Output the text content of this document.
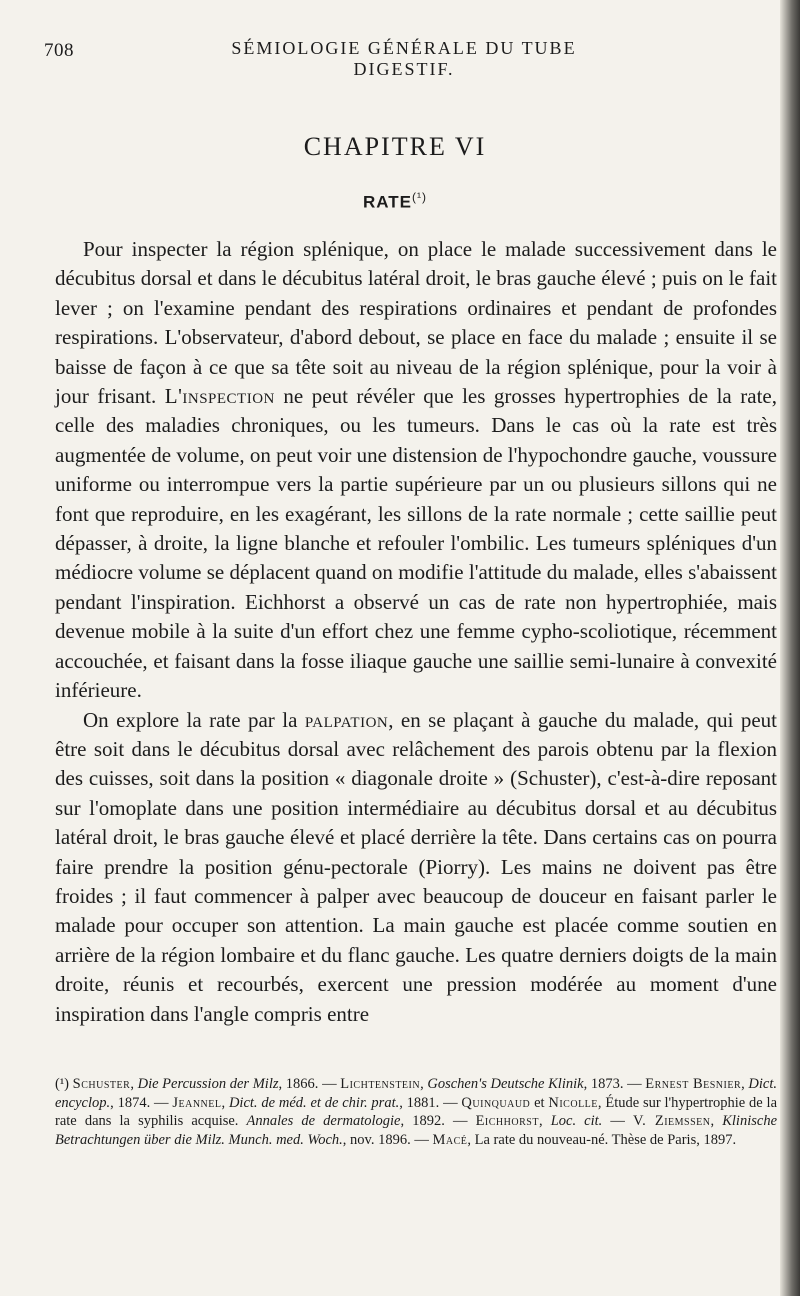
708	SÉMIOLOGIE GÉNÉRALE DU TUBE DIGESTIF.
CHAPITRE VI
$RATE^{(^1)}$

Pour inspecter la région splénique, on place le malade successivement dans le décubitus dorsal et dans le décubitus latéral droit, le bras gauche élevé ; puis on le fait lever ; on l'examine pendant des respirations ordinaires et pendant de profondes respirations. L'observateur, d'abord debout, se place en face du malade ; ensuite il se baisse de façon à ce que sa tête soit au niveau de la région splénique, pour la voir à jour frisant. L'inspection ne peut révéler que les grosses hypertrophies de la rate, celle des maladies chroniques, ou les tumeurs. Dans le cas où la rate est très augmentée de volume, on peut voir une distension de l'hypochondre gauche, voussure uniforme ou interrompue vers la partie supérieure par un ou plusieurs sillons qui ne font que reproduire, en les exagérant, les sillons de la rate normale ; cette saillie peut dépasser, à droite, la ligne blanche et refouler l'ombilic. Les tumeurs spléniques d'un médiocre volume se déplacent quand on modifie l'attitude du malade, elles s'abaissent pendant l'inspiration. Eichhorst a observé un cas de rate non hypertrophiée, mais devenue mobile à la suite d'un effort chez une femme cypho-scoliotique, récemment accouchée, et faisant dans la fosse iliaque gauche une saillie semi-lunaire à convexité inférieure.

On explore la rate par la palpation, en se plaçant à gauche du malade, qui peut être soit dans le décubitus dorsal avec relâchement des parois obtenu par la flexion des cuisses, soit dans la position « diagonale droite » (Schuster), c'est-à-dire reposant sur l'omoplate dans une position intermédiaire au décubitus dorsal et au décubitus latéral droit, le bras gauche élevé et placé derrière la tête. Dans certains cas on pourra faire prendre la position génu-pectorale (Piorry). Les mains ne doivent pas être froides ; il faut commencer à palper avec beaucoup de douceur en faisant parler le malade pour occuper son attention. La main gauche est placée comme soutien en arrière de la région lombaire et du flanc gauche. Les quatre derniers doigts de la main droite, réunis et recourbés, exercent une pression modérée au moment d'une inspiration dans l'angle compris entre

(¹) Schuster, Die Percussion der Milz, 1866. — Lichtenstein, Goschen's Deutsche Klinik, 1873. — Ernest Besnier, Dict. encyclop., 1874. — Jeannel, Dict. de méd. et de chir. prat., 1881. — Quinquaud et Nicolle, Étude sur l'hypertrophie de la rate dans la syphilis acquise. Annales de dermatologie, 1892. — Eichhorst, Loc. cit. — V. Ziemssen, Klinische Betrachtungen über die Milz. Munch. med. Woch., nov. 1896. — Macé, La rate du nouveau-né. Thèse de Paris, 1897.
